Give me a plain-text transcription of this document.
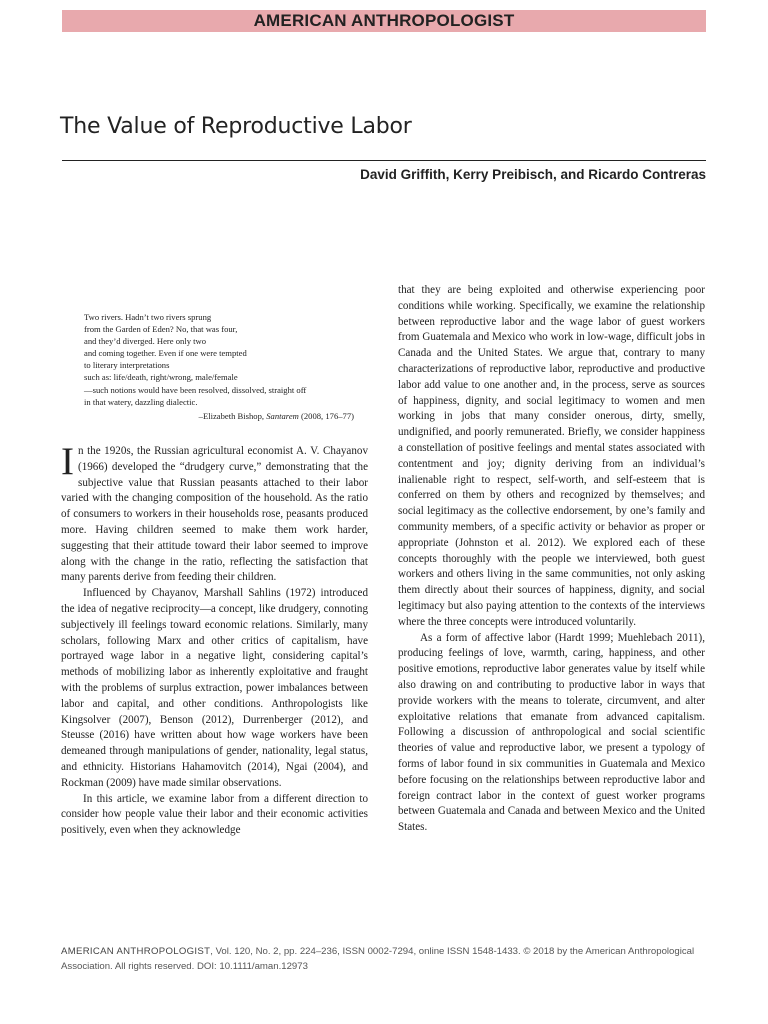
AMERICAN ANTHROPOLOGIST
The Value of Reproductive Labor
David Griffith, Kerry Preibisch, and Ricardo Contreras
Two rivers. Hadn’t two rivers sprung
from the Garden of Eden? No, that was four,
and they’d diverged. Here only two
and coming together. Even if one were tempted
to literary interpretations
such as: life/death, right/wrong, male/female
—such notions would have been resolved, dissolved, straight off
in that watery, dazzling dialectic.
–Elizabeth Bishop, Santarem (2008, 176–77)

In the 1920s, the Russian agricultural economist A. V. Chayanov (1966) developed the “drudgery curve,” demonstrating that the subjective value that Russian peasants attached to their labor varied with the changing composition of the household. As the ratio of consumers to workers in their households rose, peasants produced more. Having children seemed to make them work harder, suggesting that their attitude toward their labor seemed to improve along with the change in the ratio, reflecting the satisfaction that many parents derive from feeding their children.

Influenced by Chayanov, Marshall Sahlins (1972) introduced the idea of negative reciprocity—a concept, like drudgery, connoting subjectively ill feelings toward economic relations. Similarly, many scholars, following Marx and other critics of capitalism, have portrayed wage labor in a negative light, considering capital’s methods of mobilizing labor as inherently exploitative and fraught with the problems of surplus extraction, power imbalances between labor and capital, and other conditions. Anthropologists like Kingsolver (2007), Benson (2012), Durrenberger (2012), and Steusse (2016) have written about how wage workers have been demeaned through manipulations of gender, nationality, legal status, and ethnicity. Historians Hahamovitch (2014), Ngai (2004), and Rockman (2009) have made similar observations.

In this article, we examine labor from a different direction to consider how people value their labor and their economic activities positively, even when they acknowledge

that they are being exploited and otherwise experiencing poor conditions while working. Specifically, we examine the relationship between reproductive labor and the wage labor of guest workers from Guatemala and Mexico who work in low-wage, difficult jobs in Canada and the United States. We argue that, contrary to many characterizations of reproductive labor, reproductive and productive labor add value to one another and, in the process, serve as sources of happiness, dignity, and social legitimacy to women and men working in jobs that many consider onerous, dirty, smelly, undignified, and poorly remunerated. Briefly, we consider happiness a constellation of positive feelings and mental states associated with contentment and joy; dignity deriving from an individual’s inalienable right to respect, self-worth, and self-esteem that is conferred on them by others and recognized by themselves; and social legitimacy as the collective endorsement, by one’s family and community members, of a specific activity or behavior as proper or appropriate (Johnston et al. 2012). We explored each of these concepts thoroughly with the people we interviewed, both guest workers and others living in the same communities, not only asking them directly about their sources of happiness, dignity, and social legitimacy but also paying attention to the contexts of the interviews where the three concepts were introduced voluntarily.

As a form of affective labor (Hardt 1999; Muehlebach 2011), producing feelings of love, warmth, caring, happiness, and other positive emotions, reproductive labor generates value by itself while also drawing on and contributing to productive labor in ways that provide workers with the means to tolerate, circumvent, and alter exploitative relations that emanate from advanced capitalism. Following a discussion of anthropological and social scientific theories of value and reproductive labor, we present a typology of forms of labor found in six communities in Guatemala and Mexico before focusing on the relationships between reproductive labor and foreign contract labor in the context of guest worker programs between Guatemala and Canada and between Mexico and the United States.

AMERICAN ANTHROPOLOGIST, Vol. 120, No. 2, pp. 224–236, ISSN 0002-7294, online ISSN 1548-1433. © 2018 by the American Anthropological Association. All rights reserved. DOI: 10.1111/aman.12973
